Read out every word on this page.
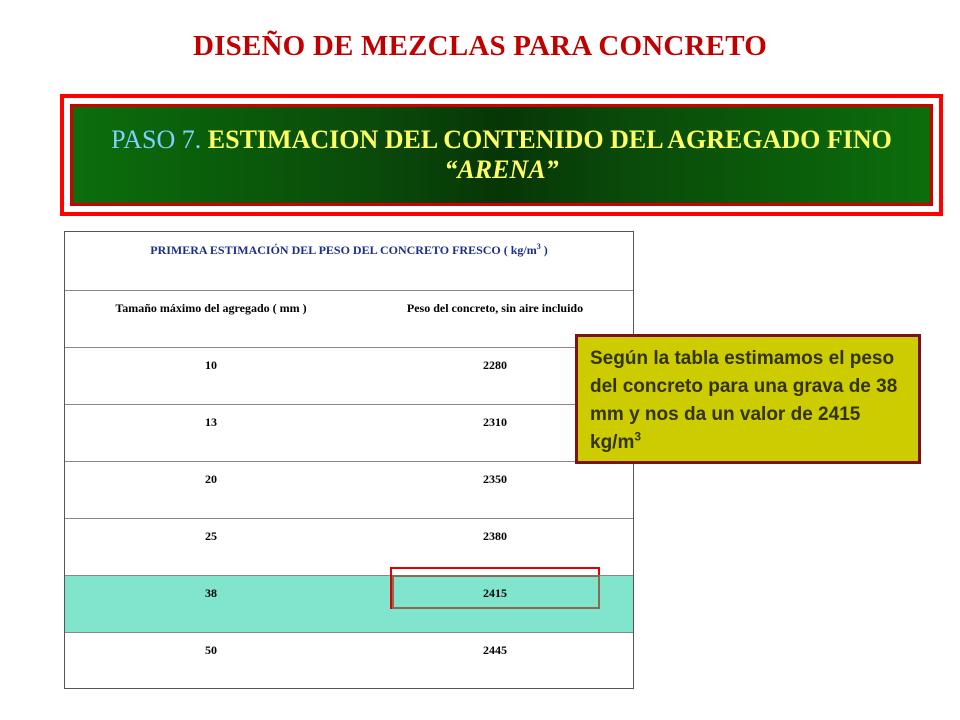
DISEÑO DE MEZCLAS PARA CONCRETO
PASO 7. ESTIMACION DEL CONTENIDO DEL AGREGADO FINO
“ARENA”
PRIMERA ESTIMACIÓN DEL PESO DEL CONCRETO FRESCO ( $kg/m^3$ )
Tamaño máximo del agregado ( mm )	Peso del concreto, sin aire incluido
10	2280
13	2310
20	2350
25	2380
38	2415
50	2445
Según la tabla estimamos el peso del concreto para una grava de 38 mm y nos da un valor de 2415 $kg/m^3$
